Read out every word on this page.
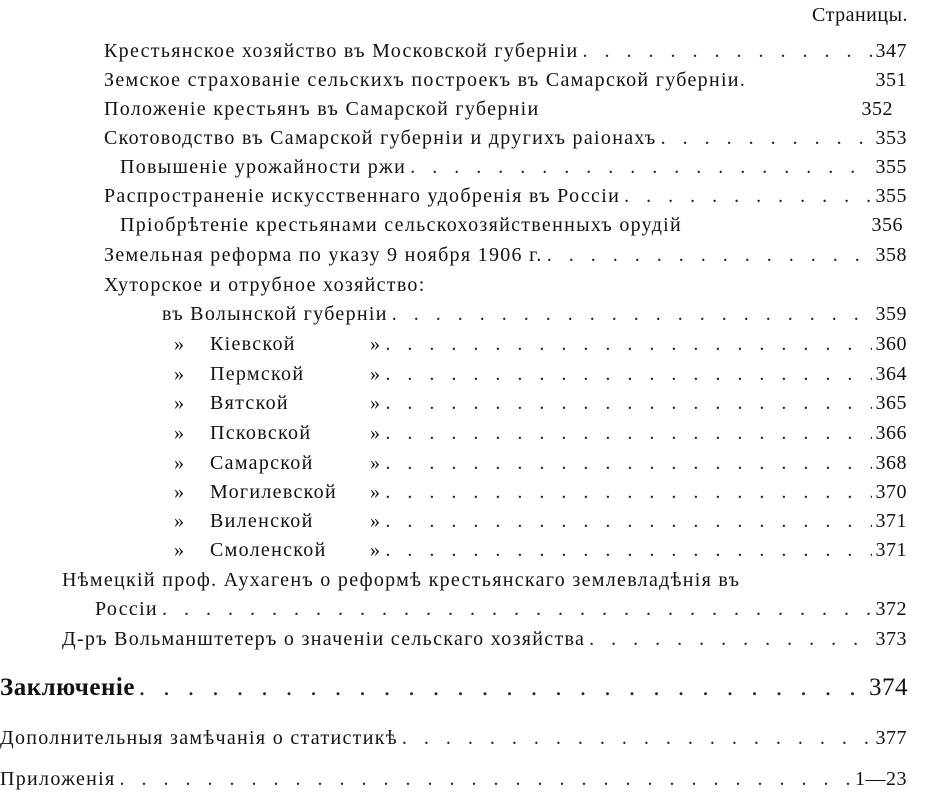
Страницы.
Крестьянское хозяйство въ Московской губерніи . . .	347
Земское страхованіе сельскихъ построекъ въ Самарской губерніи.	351
Положеніе крестьянъ въ Самарской губерніи	352
Скотоводство въ Самарской губерніи и другихъ раіонахъ . . .	353
Повышеніе урожайности ржи . . .	355
Распространеніе искусственнаго удобренія въ Россіи . . .	355
Пріобрѣтеніе крестьянами сельскохозяйственныхъ орудій	356
Земельная реформа по указу 9 ноября 1906 г. . . .	358
Хуторское и отрубное хозяйство:
въ Волынской губерніи . . .	359
» Кіевской	» . . .	360
» Пермской	» . . .	364
» Вятской	» . . .	365
» Псковской	» . . .	366
» Самарской	» . . .	368
» Могилевской » . . .	370
» Виленской	» . . .	371
» Смоленской » . . .	371
Нѣмецкій проф. Аухагенъ о реформѣ крестьянскаго землевладѣнія въ
Россіи . . .	372
Д-ръ Вольманштетеръ о значеніи сельскаго хозяйства . . .	373
Заключеніе . . .	374
Дополнительныя замѣчанія о статистикѣ . . .	377
Приложенія . . .	1—23
